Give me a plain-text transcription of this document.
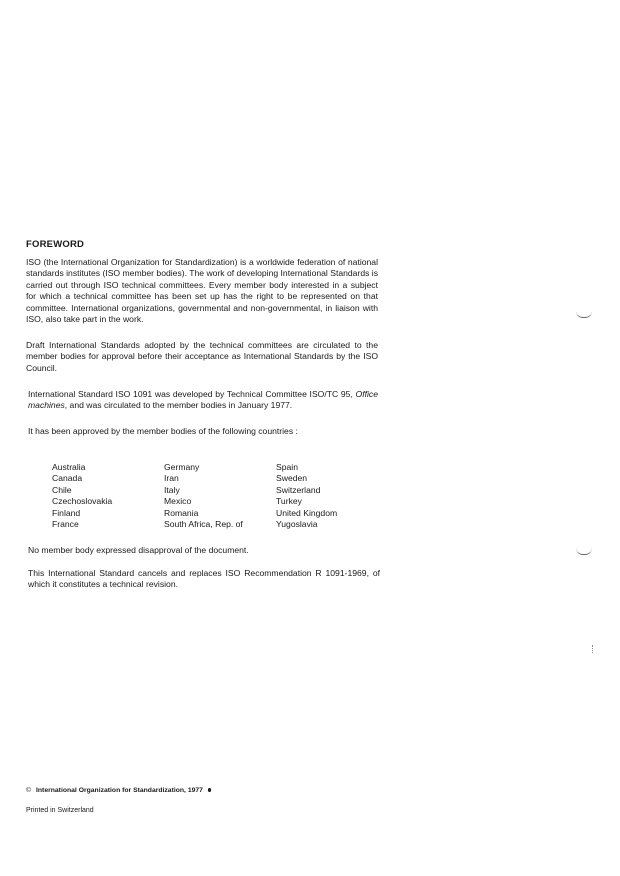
FOREWORD

ISO (the International Organization for Standardization) is a worldwide federation of national standards institutes (ISO member bodies). The work of developing International Standards is carried out through ISO technical committees. Every member body interested in a subject for which a technical committee has been set up has the right to be represented on that committee. International organizations, governmental and non-governmental, in liaison with ISO, also take part in the work.

Draft International Standards adopted by the technical committees are circulated to the member bodies for approval before their acceptance as International Standards by the ISO Council.

International Standard ISO 1091 was developed by Technical Committee ISO/TC 95, Office machines, and was circulated to the member bodies in January 1977.

It has been approved by the member bodies of the following countries :

Australia	Germany	Spain
Canada	Iran	Sweden
Chile	Italy	Switzerland
Czechoslovakia	Mexico	Turkey
Finland	Romania	United Kingdom
France	South Africa, Rep. of	Yugoslavia

No member body expressed disapproval of the document.

This International Standard cancels and replaces ISO Recommendation R 1091-1969, of which it constitutes a technical revision.

© International Organization for Standardization, 1977
Printed in Switzerland
